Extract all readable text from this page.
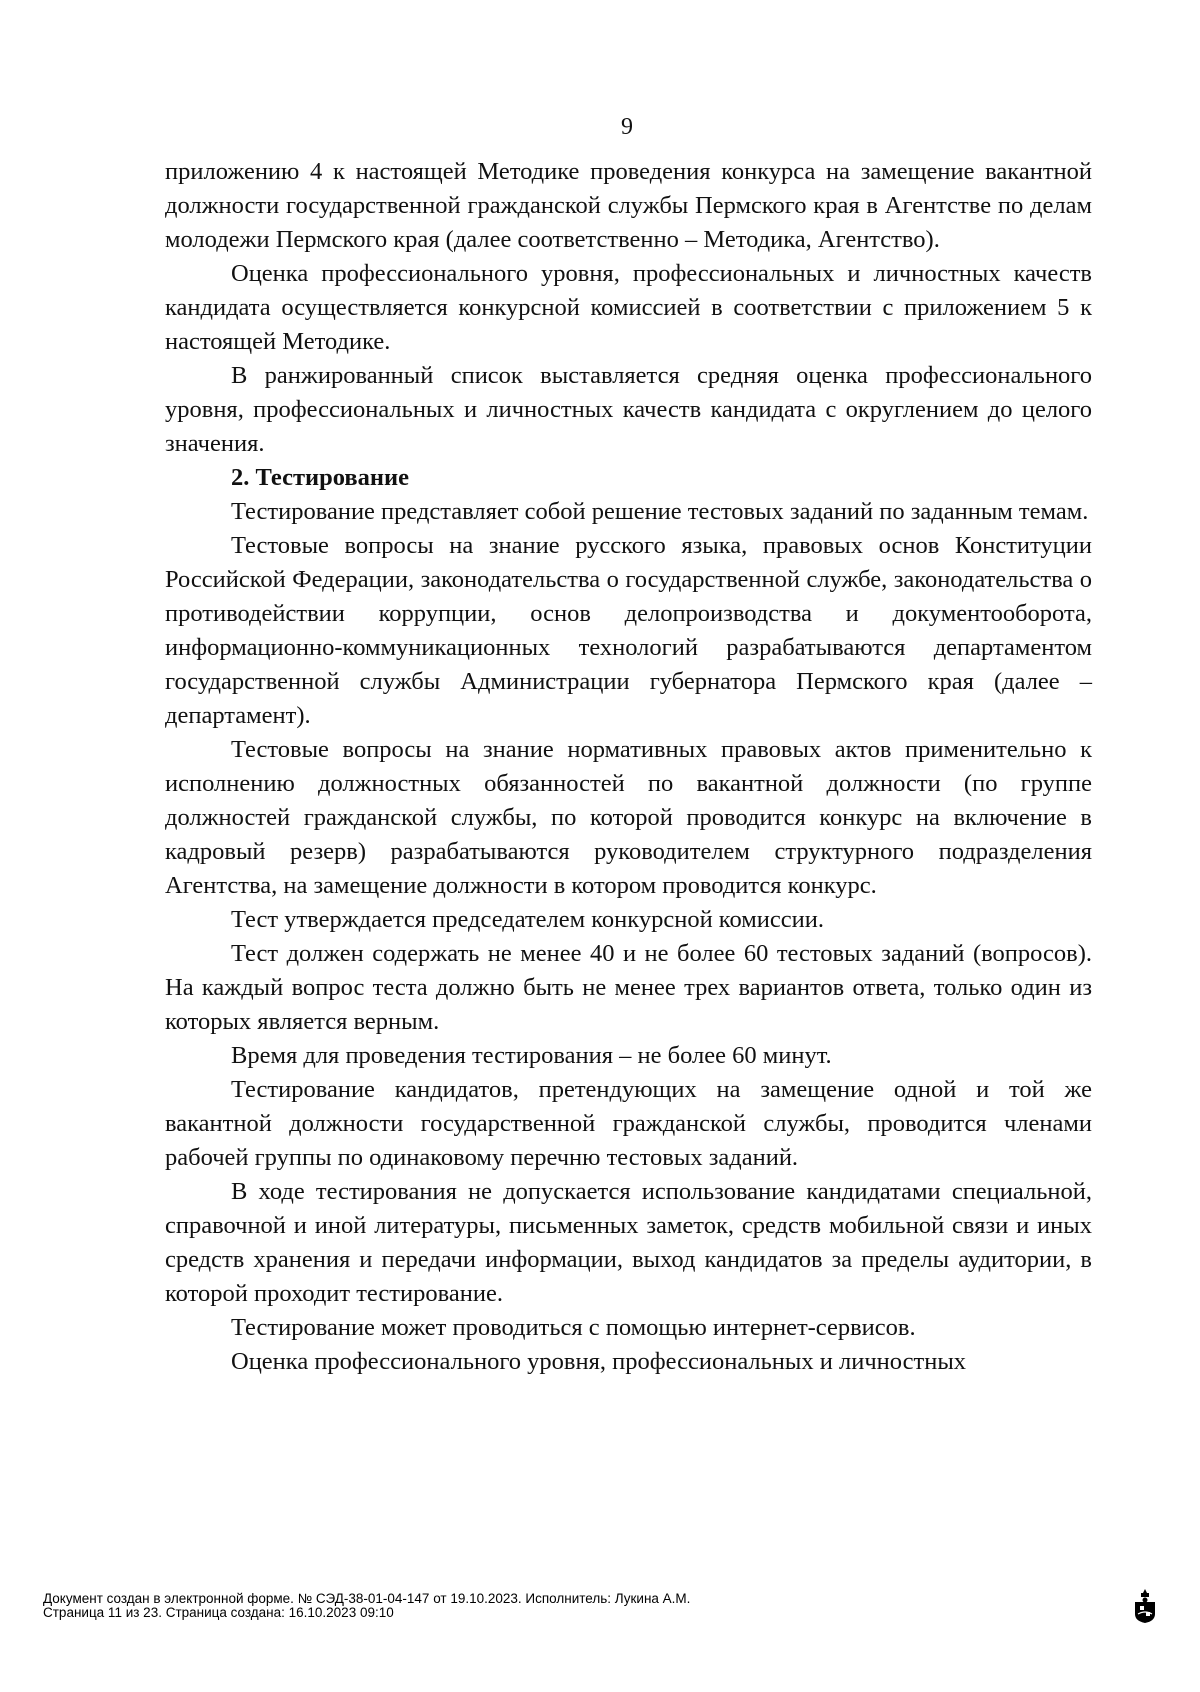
9

приложению 4 к настоящей Методике проведения конкурса на замещение вакантной должности государственной гражданской службы Пермского края в Агентстве по делам молодежи Пермского края (далее соответственно – Методика, Агентство).

Оценка профессионального уровня, профессиональных и личностных качеств кандидата осуществляется конкурсной комиссией в соответствии с приложением 5 к настоящей Методике.

В ранжированный список выставляется средняя оценка профессионального уровня, профессиональных и личностных качеств кандидата с округлением до целого значения.

2. Тестирование

Тестирование представляет собой решение тестовых заданий по заданным темам.

Тестовые вопросы на знание русского языка, правовых основ Конституции Российской Федерации, законодательства о государственной службе, законодательства о противодействии коррупции, основ делопроизводства и документооборота, информационно-коммуникационных технологий разрабатываются департаментом государственной службы Администрации губернатора Пермского края (далее – департамент).

Тестовые вопросы на знание нормативных правовых актов применительно к исполнению должностных обязанностей по вакантной должности (по группе должностей гражданской службы, по которой проводится конкурс на включение в кадровый резерв) разрабатываются руководителем структурного подразделения Агентства, на замещение должности в котором проводится конкурс.

Тест утверждается председателем конкурсной комиссии.

Тест должен содержать не менее 40 и не более 60 тестовых заданий (вопросов). На каждый вопрос теста должно быть не менее трех вариантов ответа, только один из которых является верным.

Время для проведения тестирования – не более 60 минут.

Тестирование кандидатов, претендующих на замещение одной и той же вакантной должности государственной гражданской службы, проводится членами рабочей группы по одинаковому перечню тестовых заданий.

В ходе тестирования не допускается использование кандидатами специальной, справочной и иной литературы, письменных заметок, средств мобильной связи и иных средств хранения и передачи информации, выход кандидатов за пределы аудитории, в которой проходит тестирование.

Тестирование может проводиться с помощью интернет-сервисов.

Оценка профессионального уровня, профессиональных и личностных

Документ создан в электронной форме. № СЭД-38-01-04-147 от 19.10.2023. Исполнитель: Лукина А.М.
Страница 11 из 23. Страница создана: 16.10.2023 09:10
